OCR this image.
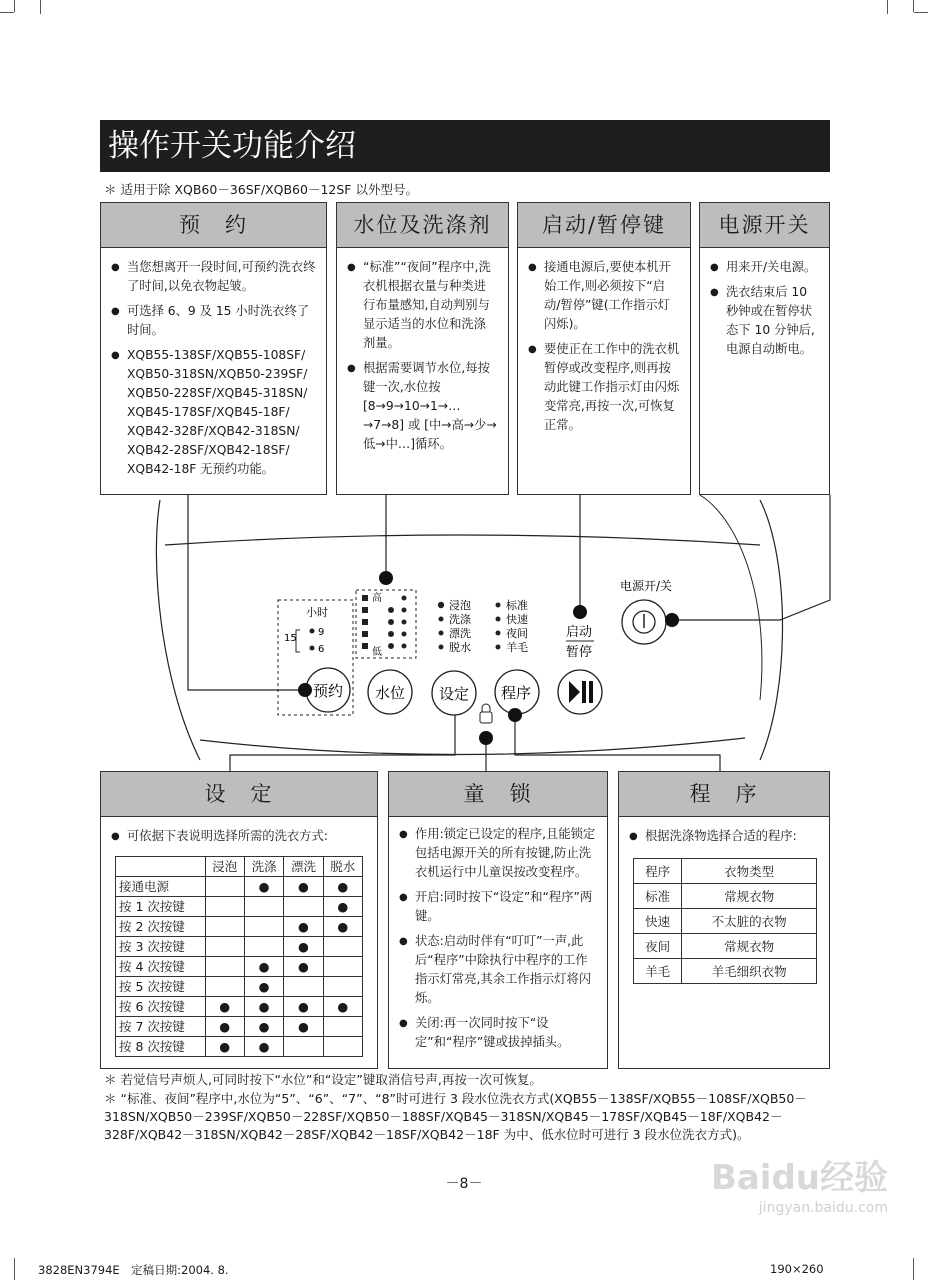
操作开关功能介绍
＊ 适用于除 XQB60－36SF/XQB60－12SF 以外型号。
预　约
● 当您想离开一段时间,可预约洗衣终了时间,以免衣物起皱。
● 可选择 6、9 及 15 小时洗衣终了时间。
● XQB55-138SF/XQB55-108SF/ XQB50-318SN/XQB50-239SF/ XQB50-228SF/XQB45-318SN/ XQB45-178SF/XQB45-18F/ XQB42-328F/XQB42-318SN/ XQB42-28SF/XQB42-18SF/ XQB42-18F 无预约功能。
水位及洗涤剂
● “标准”“夜间”程序中,洗衣机根据衣量与种类进行布量感知,自动判别与显示适当的水位和洗涤剂量。
● 根据需要调节水位,每按键一次,水位按[8→9→10→1→…→7→8] 或 [中→高→少→低→中…]循环。
启动/暂停键
● 接通电源后,要使本机开始工作,则必须按下“启动/暂停”键(工作指示灯闪烁)。
● 要使正在工作中的洗衣机暂停或改变程序,则再按动此键工作指示灯由闪烁变常亮,再按一次,可恢复正常。
电源开关
● 用来开/关电源。
● 洗衣结束后 10 秒钟或在暂停状态下 10 分钟后,电源自动断电。
小时
15
9
6
高
低
浸泡
洗涤
漂洗
脱水
标准
快速
夜间
羊毛
预约 水位 设定 程序
启动
暂停
电源开/关
设　定
● 可依据下表说明选择所需的洗衣方式:
	浸泡	洗涤	漂洗	脱水
接通电源		●	●	●
按 1 次按键				●
按 2 次按键			●	●
按 3 次按键			●	
按 4 次按键		●	●	
按 5 次按键		●		
按 6 次按键	●	●	●	●
按 7 次按键	●	●	●	
按 8 次按键	●	●		
童　锁
● 作用:锁定已设定的程序,且能锁定包括电源开关的所有按键,防止洗衣机运行中儿童误按改变程序。
● 开启:同时按下“设定”和“程序”两键。
● 状态:启动时伴有“叮叮”一声,此后“程序”中除执行中程序的工作指示灯常亮,其余工作指示灯将闪烁。
● 关闭:再一次同时按下“设定”和“程序”键或拔掉插头。
程　序
● 根据洗涤物选择合适的程序:
程序	衣物类型
标准	常规衣物
快速	不太脏的衣物
夜间	常规衣物
羊毛	羊毛细织衣物
＊ 若觉信号声烦人,可同时按下“水位”和“设定”键取消信号声,再按一次可恢复。
＊ “标准、夜间”程序中,水位为“5”、“6”、“7”、“8”时可进行 3 段水位洗衣方式(XQB55－138SF/XQB55－108SF/XQB50－318SN/XQB50－239SF/XQB50－228SF/XQB50－188SF/XQB45－318SN/XQB45－178SF/XQB45－18F/XQB42－328F/XQB42－318SN/XQB42－28SF/XQB42－18SF/XQB42－18F 为中、低水位时可进行 3 段水位洗衣方式)。
－8－	Baidu经验
jingyan.baidu.com
3828EN3794E　定稿日期:2004. 8.	190×260
